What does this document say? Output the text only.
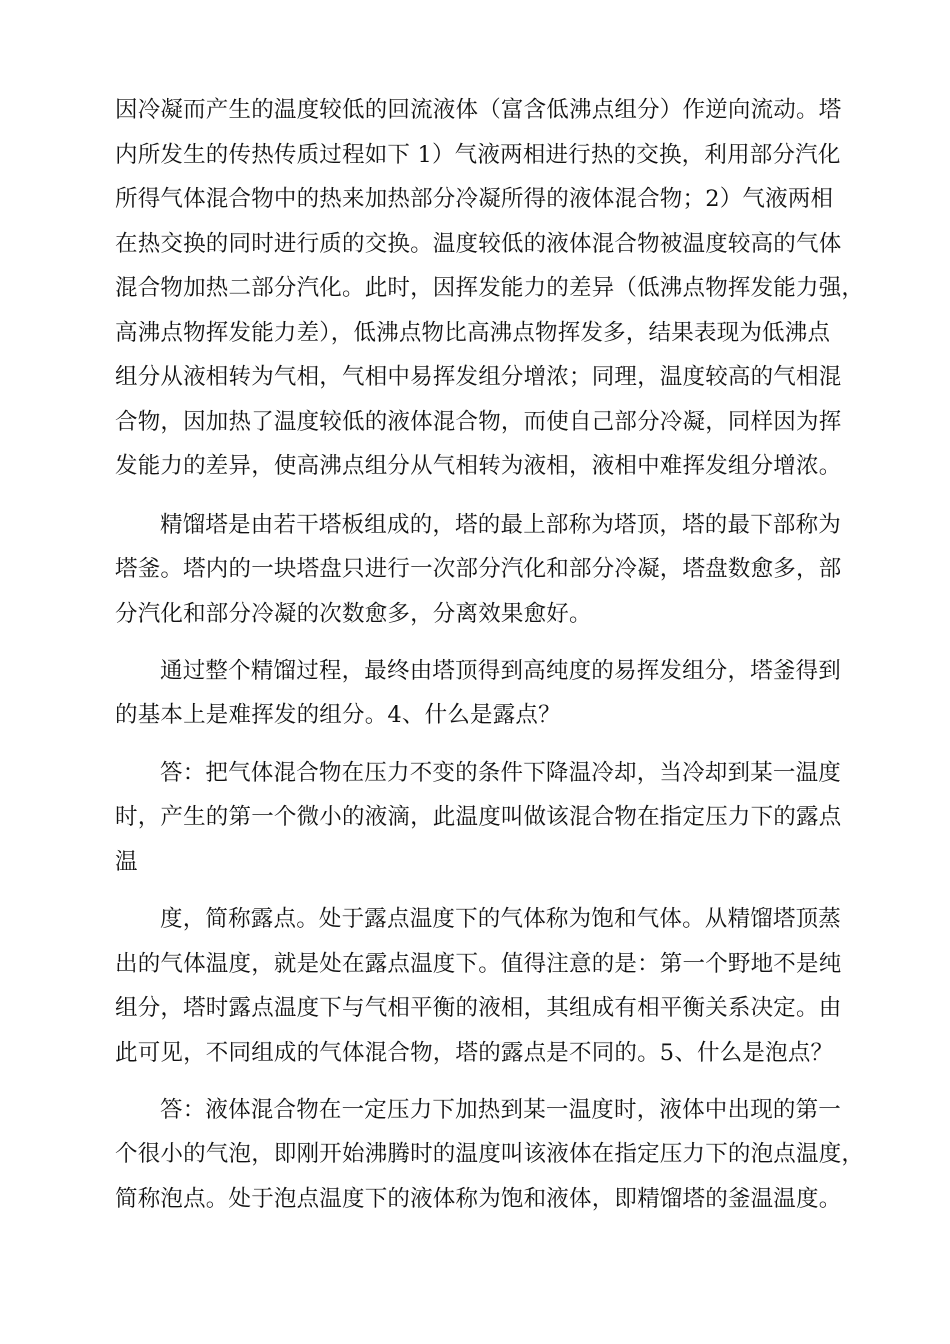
因冷凝而产生的温度较低的回流液体（富含低沸点组分）作逆向流动。塔
内所发生的传热传质过程如下 1）气液两相进行热的交换，利用部分汽化
所得气体混合物中的热来加热部分冷凝所得的液体混合物；2）气液两相
在热交换的同时进行质的交换。温度较低的液体混合物被温度较高的气体
混合物加热二部分汽化。此时，因挥发能力的差异（低沸点物挥发能力强，
高沸点物挥发能力差），低沸点物比高沸点物挥发多，结果表现为低沸点
组分从液相转为气相，气相中易挥发组分增浓；同理，温度较高的气相混
合物，因加热了温度较低的液体混合物，而使自己部分冷凝，同样因为挥
发能力的差异，使高沸点组分从气相转为液相，液相中难挥发组分增浓。
精馏塔是由若干塔板组成的，塔的最上部称为塔顶，塔的最下部称为
塔釜。塔内的一块塔盘只进行一次部分汽化和部分冷凝，塔盘数愈多，部
分汽化和部分冷凝的次数愈多，分离效果愈好。
通过整个精馏过程，最终由塔顶得到高纯度的易挥发组分，塔釜得到
的基本上是难挥发的组分。4、什么是露点？
答：把气体混合物在压力不变的条件下降温冷却，当冷却到某一温度
时，产生的第一个微小的液滴，此温度叫做该混合物在指定压力下的露点
温
度，简称露点。处于露点温度下的气体称为饱和气体。从精馏塔顶蒸
出的气体温度，就是处在露点温度下。值得注意的是：第一个野地不是纯
组分，塔时露点温度下与气相平衡的液相，其组成有相平衡关系决定。由
此可见，不同组成的气体混合物，塔的露点是不同的。5、什么是泡点？
答：液体混合物在一定压力下加热到某一温度时，液体中出现的第一
个很小的气泡，即刚开始沸腾时的温度叫该液体在指定压力下的泡点温度，
简称泡点。处于泡点温度下的液体称为饱和液体，即精馏塔的釜温温度。
